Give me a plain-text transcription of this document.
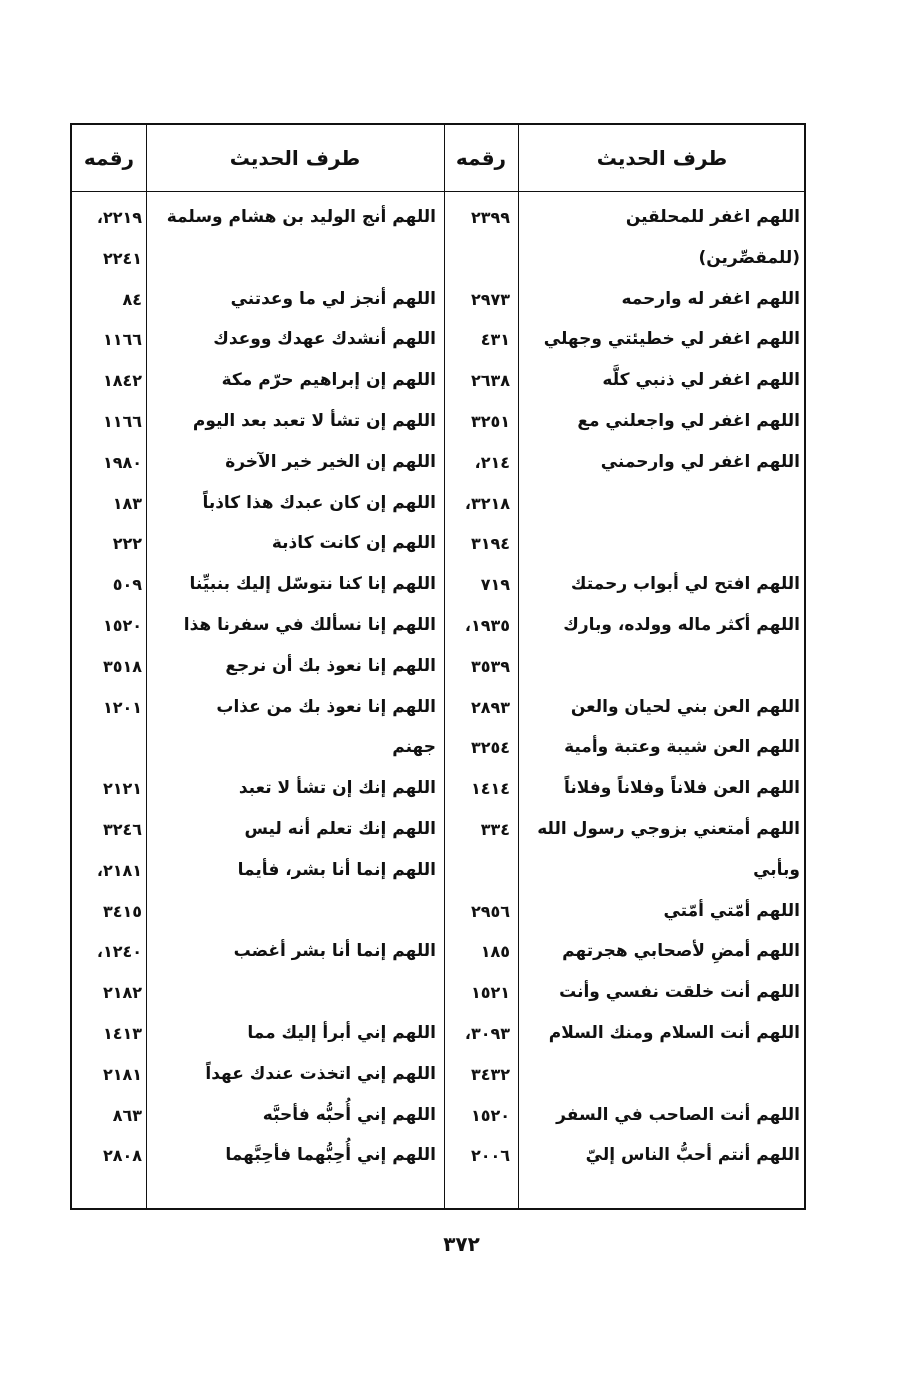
طرف الحديث
رقمه
طرف الحديث
رقمه
اللهم اغفر للمحلقين
٢٣٩٩
اللهم أنج الوليد بن هشام وسلمة
٢٢١٩،
(للمقصِّرين)
٢٢٤١
اللهم اغفر له وارحمه
٢٩٧٣
اللهم أنجز لي ما وعدتني
٨٤
اللهم اغفر لي خطيئتي وجهلي
٤٣١
اللهم أنشدك عهدك ووعدك
١١٦٦
اللهم اغفر لي ذنبي كلَّه
٢٦٣٨
اللهم إن إبراهيم حرّم مكة
١٨٤٢
اللهم اغفر لي واجعلني مع
٣٢٥١
اللهم إن تشأ لا تعبد بعد اليوم
١١٦٦
اللهم اغفر لي وارحمني
٢١٤،
اللهم إن الخير خير الآخرة
١٩٨٠
٣٢١٨،
اللهم إن كان عبدك هذا كاذباً
١٨٣
٣١٩٤
اللهم إن كانت كاذبة
٢٢٢
اللهم افتح لي أبواب رحمتك
٧١٩
اللهم إنا كنا نتوسّل إليك بنبيِّنا
٥٠٩
اللهم أكثر ماله وولده، وبارك
١٩٣٥،
اللهم إنا نسألك في سفرنا هذا
١٥٢٠
٣٥٣٩
اللهم إنا نعوذ بك أن نرجع
٣٥١٨
اللهم العن بني لحيان والعن
٢٨٩٣
اللهم إنا نعوذ بك من عذاب
١٢٠١
اللهم العن شيبة وعتبة وأمية
٣٢٥٤
جهنم
اللهم العن فلاناً وفلاناً وفلاناً
١٤١٤
اللهم إنك إن تشأ لا تعبد
٢١٢١
اللهم أمتعني بزوجي رسول الله
٣٣٤
اللهم إنك تعلم أنه ليس
٣٢٤٦
وبأبي
اللهم إنما أنا بشر، فأيما
٢١٨١،
اللهم أمّتي أمّتي
٢٩٥٦
٣٤١٥
اللهم أمضِ لأصحابي هجرتهم
١٨٥
اللهم إنما أنا بشر أغضب
١٢٤٠،
اللهم أنت خلقت نفسي وأنت
١٥٢١
٢١٨٢
اللهم أنت السلام ومنك السلام
٣٠٩٣،
اللهم إني أبرأ إليك مما
١٤١٣
٣٤٣٢
اللهم إني اتخذت عندك عهداً
٢١٨١
اللهم أنت الصاحب في السفر
١٥٢٠
اللهم إني أُحبُّه فأحبَّه
٨٦٣
اللهم أنتم أحبُّ الناس إليّ
٢٠٠٦
اللهم إني أُحِبُّهما فأحِبَّهما
٢٨٠٨
٣٧٢
